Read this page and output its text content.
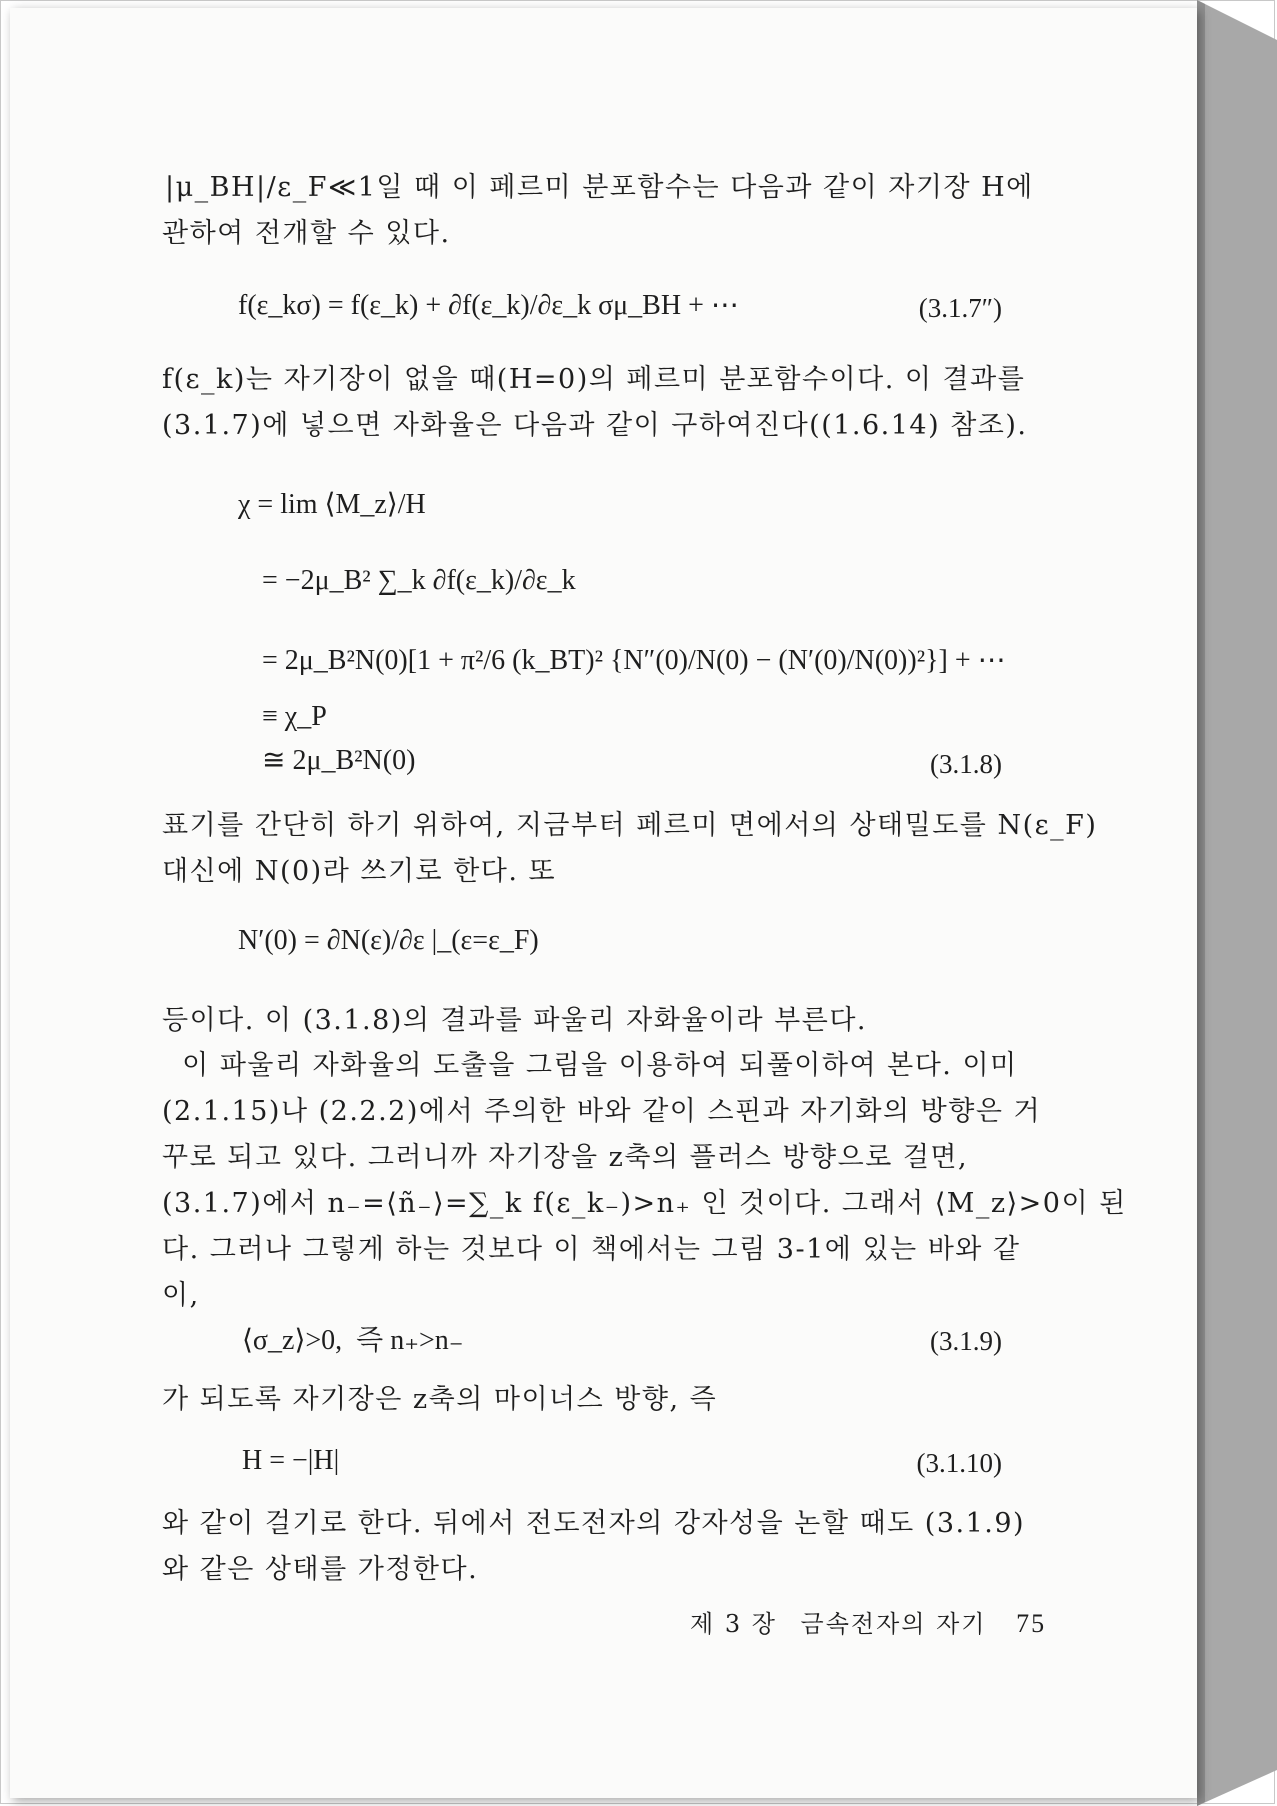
|μ_BH|/ε_F≪1일 때 이 페르미 분포함수는 다음과 같이 자기장 H에
관하여 전개할 수 있다.
f(ε_kσ) = f(ε_k) + ∂f(ε_k)/∂ε_k σμ_BH + ⋯	(3.1.7″)
f(ε_k)는 자기장이 없을 때(H=0)의 페르미 분포함수이다. 이 결과를
(3.1.7)에 넣으면 자화율은 다음과 같이 구하여진다((1.6.14) 참조).
χ = lim ⟨M_z⟩/H
= −2μ_B² ∑_k ∂f(ε_k)/∂ε_k
= 2μ_B²N(0)[1 + π²/6 (k_BT)² {N″(0)/N(0) − (N′(0)/N(0))²}] + ⋯
≡ χ_P
≅ 2μ_B²N(0)	(3.1.8)
표기를 간단히 하기 위하여, 지금부터 페르미 면에서의 상태밀도를 N(ε_F)
대신에 N(0)라 쓰기로 한다. 또
N′(0) = ∂N(ε)/∂ε |_(ε=ε_F)
등이다. 이 (3.1.8)의 결과를 파울리 자화율이라 부른다.
이 파울리 자화율의 도출을 그림을 이용하여 되풀이하여 본다. 이미
(2.1.15)나 (2.2.2)에서 주의한 바와 같이 스핀과 자기화의 방향은 거
꾸로 되고 있다. 그러니까 자기장을 z축의 플러스 방향으로 걸면,
(3.1.7)에서 n₋=⟨ñ₋⟩=∑_k f(ε_k₋)>n₊ 인 것이다. 그래서 ⟨M_z⟩>0이 된
다. 그러나 그렇게 하는 것보다 이 책에서는 그림 3-1에 있는 바와 같
이,
⟨σ_z⟩>0,  즉 n₊>n₋	(3.1.9)
가 되도록 자기장은 z축의 마이너스 방향, 즉
H = −|H|	(3.1.10)
와 같이 걸기로 한다. 뒤에서 전도전자의 강자성을 논할 때도 (3.1.9)
와 같은 상태를 가정한다.
제 3 장 금속전자의 자기 75
